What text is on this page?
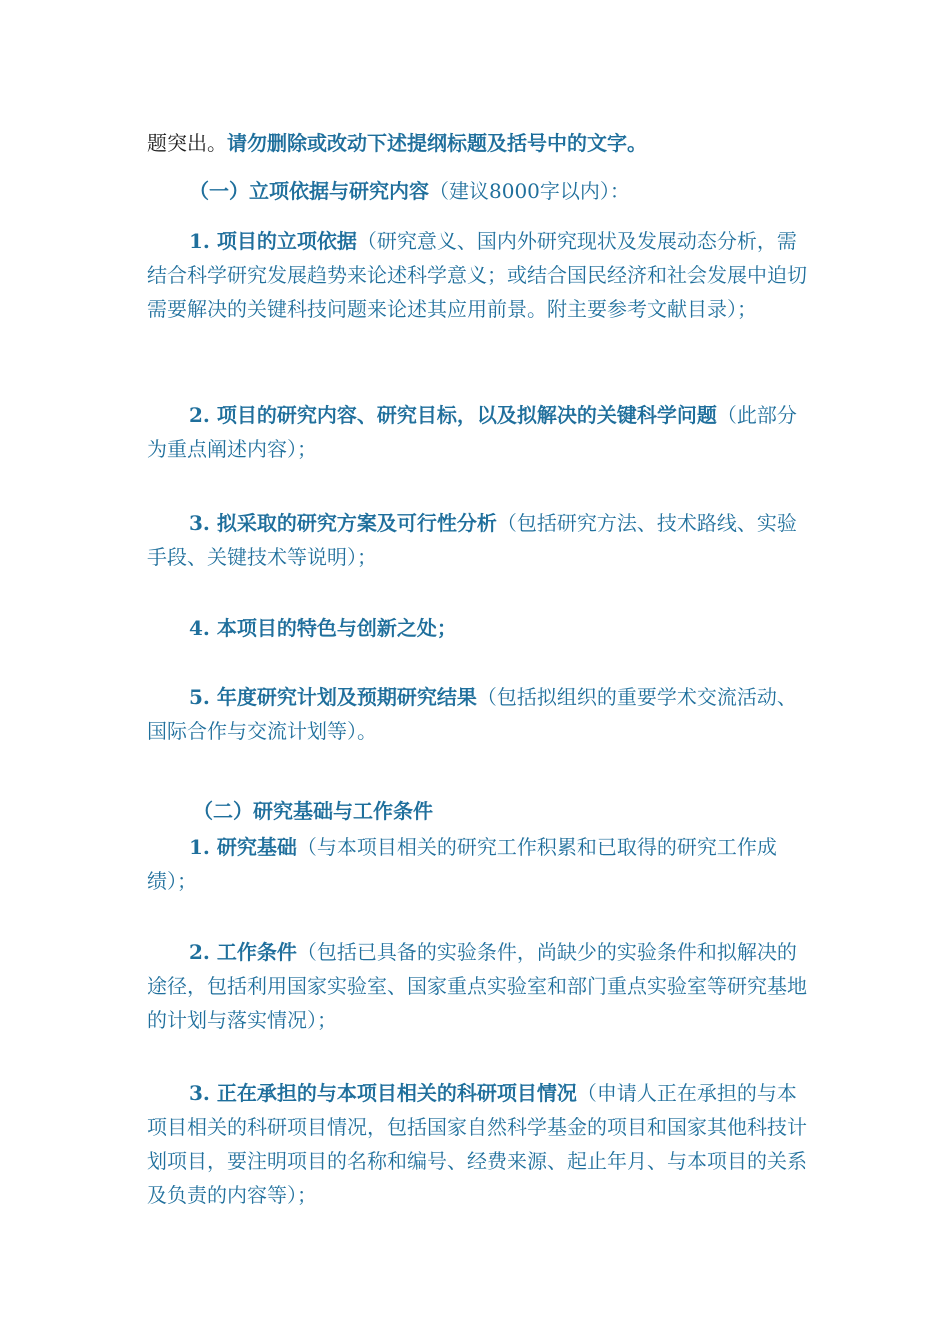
题突出。请勿删除或改动下述提纲标题及括号中的文字。

（一）立项依据与研究内容（建议8000字以内）：

1. 项目的立项依据（研究意义、国内外研究现状及发展动态分析，需结合科学研究发展趋势来论述科学意义；或结合国民经济和社会发展中迫切需要解决的关键科技问题来论述其应用前景。附主要参考文献目录）；

2. 项目的研究内容、研究目标，以及拟解决的关键科学问题（此部分为重点阐述内容）；

3. 拟采取的研究方案及可行性分析（包括研究方法、技术路线、实验手段、关键技术等说明）；

4. 本项目的特色与创新之处；

5. 年度研究计划及预期研究结果（包括拟组织的重要学术交流活动、国际合作与交流计划等）。

（二）研究基础与工作条件

1. 研究基础（与本项目相关的研究工作积累和已取得的研究工作成绩）；

2. 工作条件（包括已具备的实验条件，尚缺少的实验条件和拟解决的途径，包括利用国家实验室、国家重点实验室和部门重点实验室等研究基地的计划与落实情况）；

3. 正在承担的与本项目相关的科研项目情况（申请人正在承担的与本项目相关的科研项目情况，包括国家自然科学基金的项目和国家其他科技计划项目，要注明项目的名称和编号、经费来源、起止年月、与本项目的关系及负责的内容等）；
